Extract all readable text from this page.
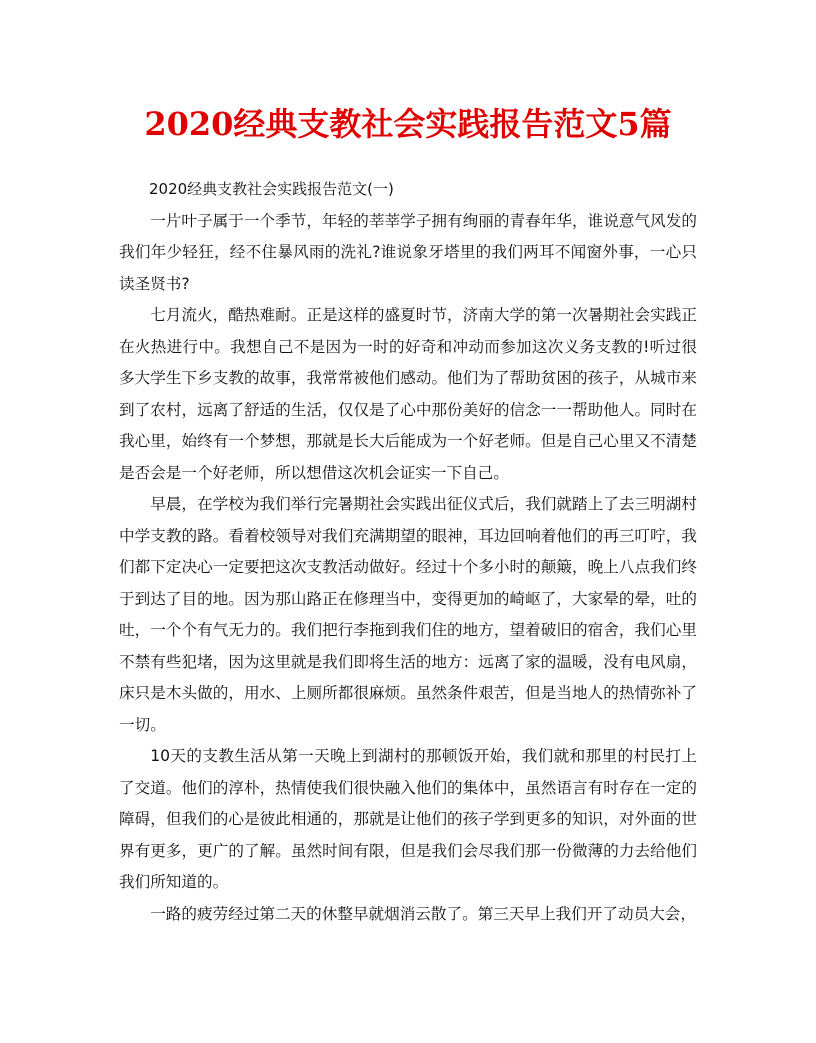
2020经典支教社会实践报告范文5篇

2020经典支教社会实践报告范文(一)

一片叶子属于一个季节，年轻的莘莘学子拥有绚丽的青春年华，谁说意气风发的我们年少轻狂，经不住暴风雨的洗礼?谁说象牙塔里的我们两耳不闻窗外事，一心只读圣贤书?

七月流火，酷热难耐。正是这样的盛夏时节，济南大学的第一次暑期社会实践正在火热进行中。我想自己不是因为一时的好奇和冲动而参加这次义务支教的!听过很多大学生下乡支教的故事，我常常被他们感动。他们为了帮助贫困的孩子，从城市来到了农村，远离了舒适的生活，仅仅是了心中那份美好的信念一一帮助他人。同时在我心里，始终有一个梦想，那就是长大后能成为一个好老师。但是自己心里又不清楚是否会是一个好老师，所以想借这次机会证实一下自己。

早晨，在学校为我们举行完暑期社会实践出征仪式后，我们就踏上了去三明湖村中学支教的路。看着校领导对我们充满期望的眼神，耳边回响着他们的再三叮咛，我们都下定决心一定要把这次支教活动做好。经过十个多小时的颠簸，晚上八点我们终于到达了目的地。因为那山路正在修理当中，变得更加的崎岖了，大家晕的晕，吐的吐，一个个有气无力的。我们把行李拖到我们住的地方，望着破旧的宿舍，我们心里不禁有些犯堵，因为这里就是我们即将生活的地方：远离了家的温暖，没有电风扇，床只是木头做的，用水、上厕所都很麻烦。虽然条件艰苦，但是当地人的热情弥补了一切。

10天的支教生活从第一天晚上到湖村的那顿饭开始，我们就和那里的村民打上了交道。他们的淳朴，热情使我们很快融入他们的集体中，虽然语言有时存在一定的障碍，但我们的心是彼此相通的，那就是让他们的孩子学到更多的知识，对外面的世界有更多，更广的了解。虽然时间有限，但是我们会尽我们那一份微薄的力去给他们我们所知道的。

一路的疲劳经过第二天的休整早就烟消云散了。第三天早上我们开了动员大会，
